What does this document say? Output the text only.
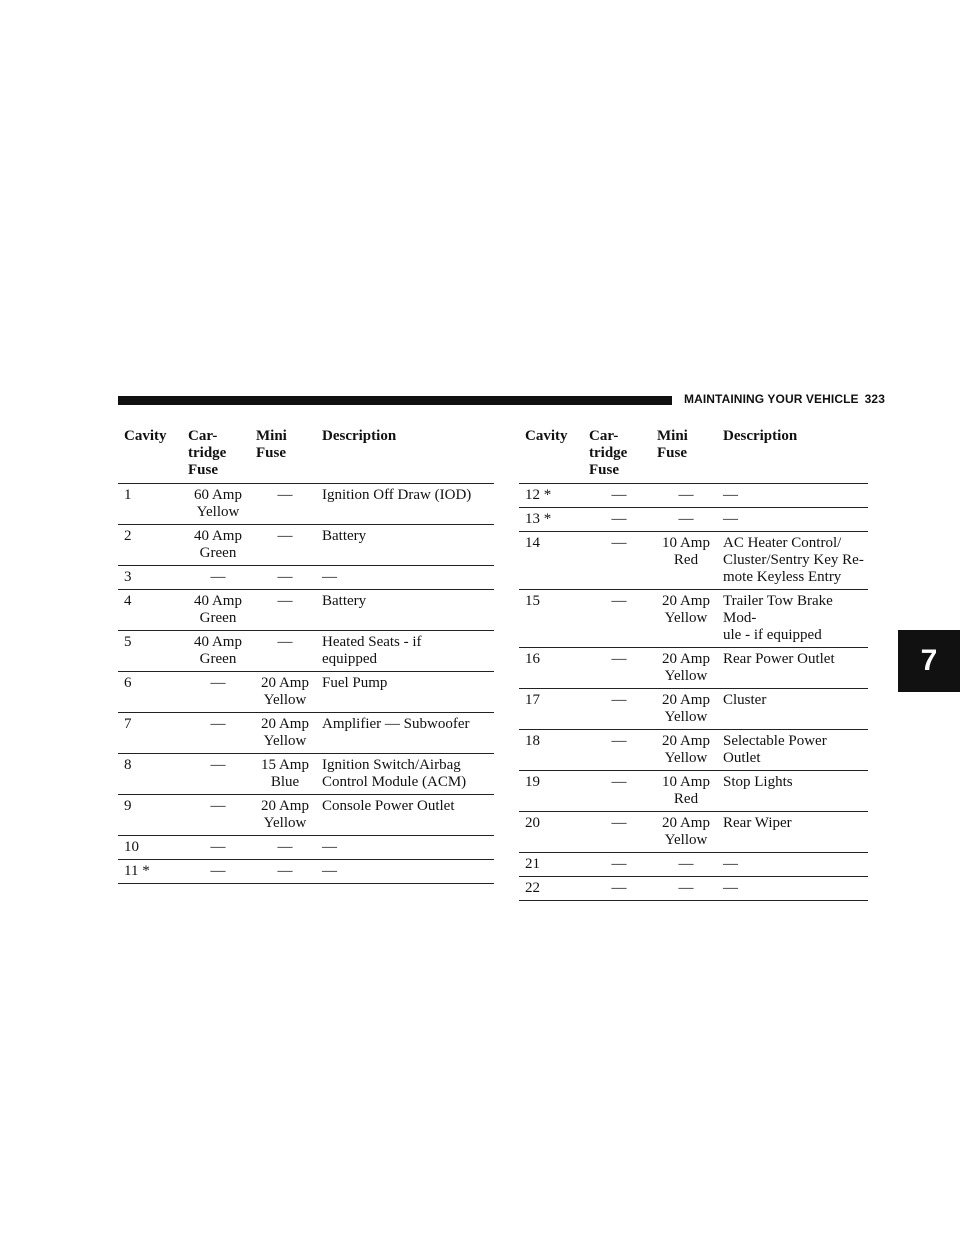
MAINTAINING YOUR VEHICLE 323
7
Cavity	Car-
tridge
Fuse	Mini
Fuse	Description
1	60 Amp
Yellow	—	Ignition Off Draw (IOD)

2	40 Amp
Green	—	Battery

3	—	—	—

4	40 Amp
Green	—	Battery

5	40 Amp
Green	—	Heated Seats - if
equipped

6	—	20 Amp
Yellow	Fuel Pump

7	—	20 Amp
Yellow	Amplifier — Subwoofer

8	—	15 Amp
Blue	Ignition Switch/Airbag
Control Module (ACM)

9	—	20 Amp
Yellow	Console Power Outlet

10	—	—	—

11 *	—	—	—
Cavity	Car-
tridge
Fuse	Mini
Fuse	Description
12 *	—	—	—

13 *	—	—	—

14	—	10 Amp
Red	AC Heater Control/
Cluster/Sentry Key Re-
mote Keyless Entry

15	—	20 Amp
Yellow	Trailer Tow Brake Mod-
ule - if equipped

16	—	20 Amp
Yellow	Rear Power Outlet

17	—	20 Amp
Yellow	Cluster

18	—	20 Amp
Yellow	Selectable Power Outlet

19	—	10 Amp
Red	Stop Lights

20	—	20 Amp
Yellow	Rear Wiper

21	—	—	—

22	—	—	—
